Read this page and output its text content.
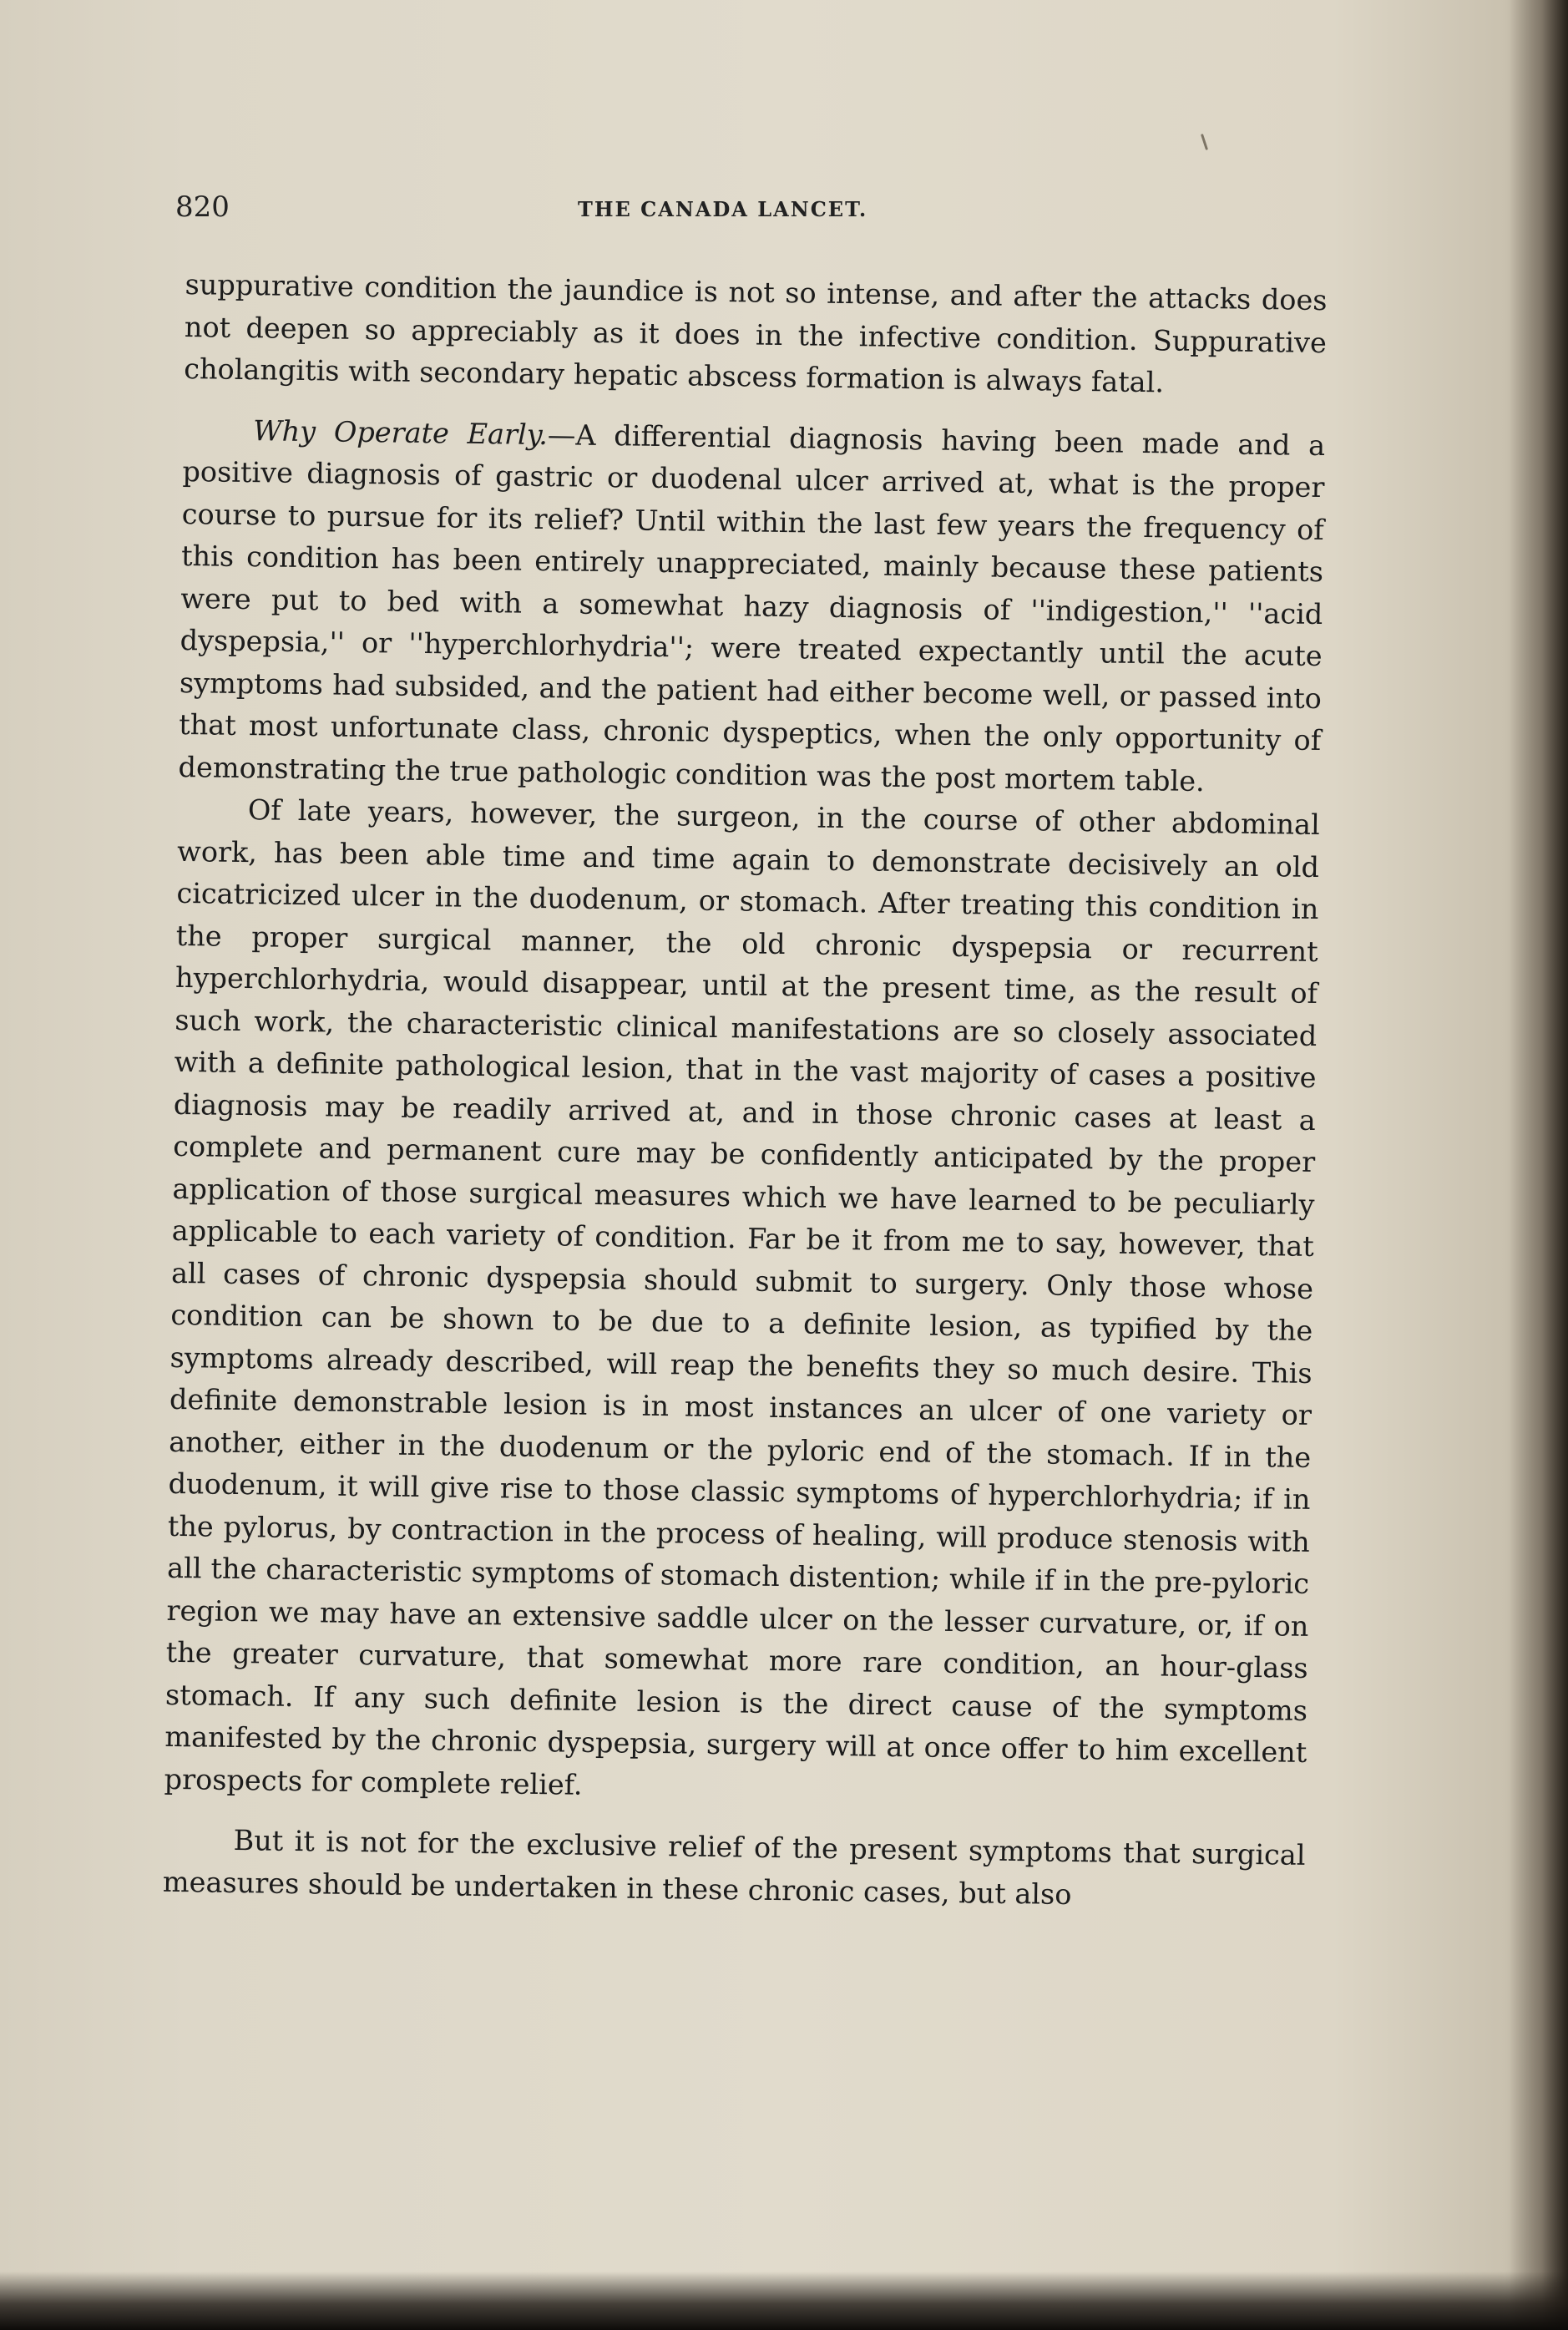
820	THE CANADA LANCET.

suppurative condition the jaundice is not so intense, and after the attacks does not deepen so appreciably as it does in the infective condition. Suppurative cholangitis with secondary hepatic abscess formation is always fatal.

Why Operate Early.—A differential diagnosis having been made and a positive diagnosis of gastric or duodenal ulcer arrived at, what is the proper course to pursue for its relief? Until within the last few years the frequency of this condition has been entirely unappreciated, mainly because these patients were put to bed with a somewhat hazy diagnosis of ''indigestion,'' ''acid dyspepsia,'' or ''hyperchlorhydria''; were treated expectantly until the acute symptoms had subsided, and the patient had either become well, or passed into that most unfortunate class, chronic dyspeptics, when the only opportunity of demonstrating the true pathologic condition was the post mortem table.

Of late years, however, the surgeon, in the course of other abdominal work, has been able time and time again to demonstrate decisively an old cicatricized ulcer in the duodenum, or stomach. After treating this condition in the proper surgical manner, the old chronic dyspepsia or recurrent hyperchlorhydria, would disappear, until at the present time, as the result of such work, the characteristic clinical manifestations are so closely associated with a definite pathological lesion, that in the vast majority of cases a positive diagnosis may be readily arrived at, and in those chronic cases at least a complete and permanent cure may be confidently anticipated by the proper application of those surgical measures which we have learned to be peculiarly applicable to each variety of condition. Far be it from me to say, however, that all cases of chronic dyspepsia should submit to surgery. Only those whose condition can be shown to be due to a definite lesion, as typified by the symptoms already described, will reap the benefits they so much desire. This definite demonstrable lesion is in most instances an ulcer of one variety or another, either in the duodenum or the pyloric end of the stomach. If in the duodenum, it will give rise to those classic symptoms of hyperchlorhydria; if in the pylorus, by contraction in the process of healing, will produce stenosis with all the characteristic symptoms of stomach distention; while if in the pre-pyloric region we may have an extensive saddle ulcer on the lesser curvature, or, if on the greater curvature, that somewhat more rare condition, an hour-glass stomach. If any such definite lesion is the direct cause of the symptoms manifested by the chronic dyspepsia, surgery will at once offer to him excellent prospects for complete relief.

But it is not for the exclusive relief of the present symptoms that surgical measures should be undertaken in these chronic cases, but also
